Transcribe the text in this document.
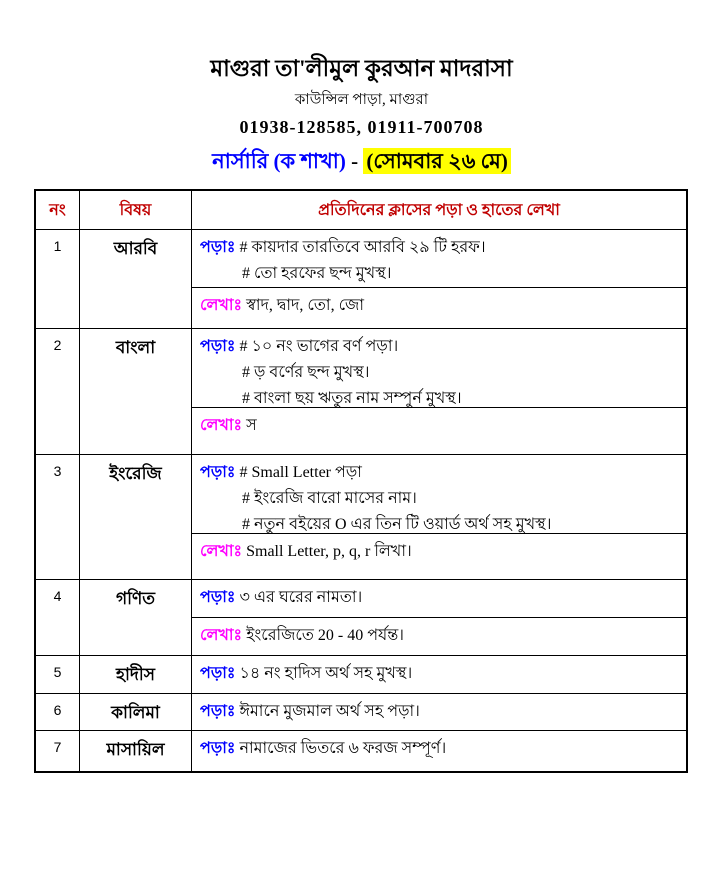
মাগুরা তা'লীমুল কুরআন মাদরাসা
কাউন্সিল পাড়া, মাগুরা
01938-128585, 01911-700708
নার্সারি (ক শাখা) - (সোমবার ২৬ মে)
নং	বিষয়	প্রতিদিনের ক্লাসের পড়া ও হাতের লেখা
1	আরবি	পড়াঃ # কায়দার তারতিবে আরবি ২৯ টি হরফ।
# তো হরফের ছন্দ মুখস্থ।
লেখাঃ স্বাদ, দ্বাদ, তো, জো
2	বাংলা	পড়াঃ # ১০ নং ভাগের বর্ণ পড়া।
# ড় বর্ণের ছন্দ মুখস্থ।
# বাংলা ছয় ঋতুর নাম সম্পুর্ন মুখস্থ।
লেখাঃ স
3	ইংরেজি	পড়াঃ # Small Letter পড়া
# ইংরেজি বারো মাসের নাম।
# নতুন বইয়ের O এর তিন টি ওয়ার্ড অর্থ সহ মুখস্থ।
লেখাঃ Small Letter, p, q, r লিখা।
4	গণিত	পড়াঃ ৩ এর ঘরের নামতা।
লেখাঃ ইংরেজিতে 20 - 40 পর্যন্ত।
5	হাদীস	পড়াঃ ১৪ নং হাদিস অর্থ সহ মুখস্থ।
6	কালিমা	পড়াঃ ঈমানে মুজমাল অর্থ সহ পড়া।
7	মাসায়িল	পড়াঃ নামাজের ভিতরে ৬ ফরজ সম্পূর্ণ।
